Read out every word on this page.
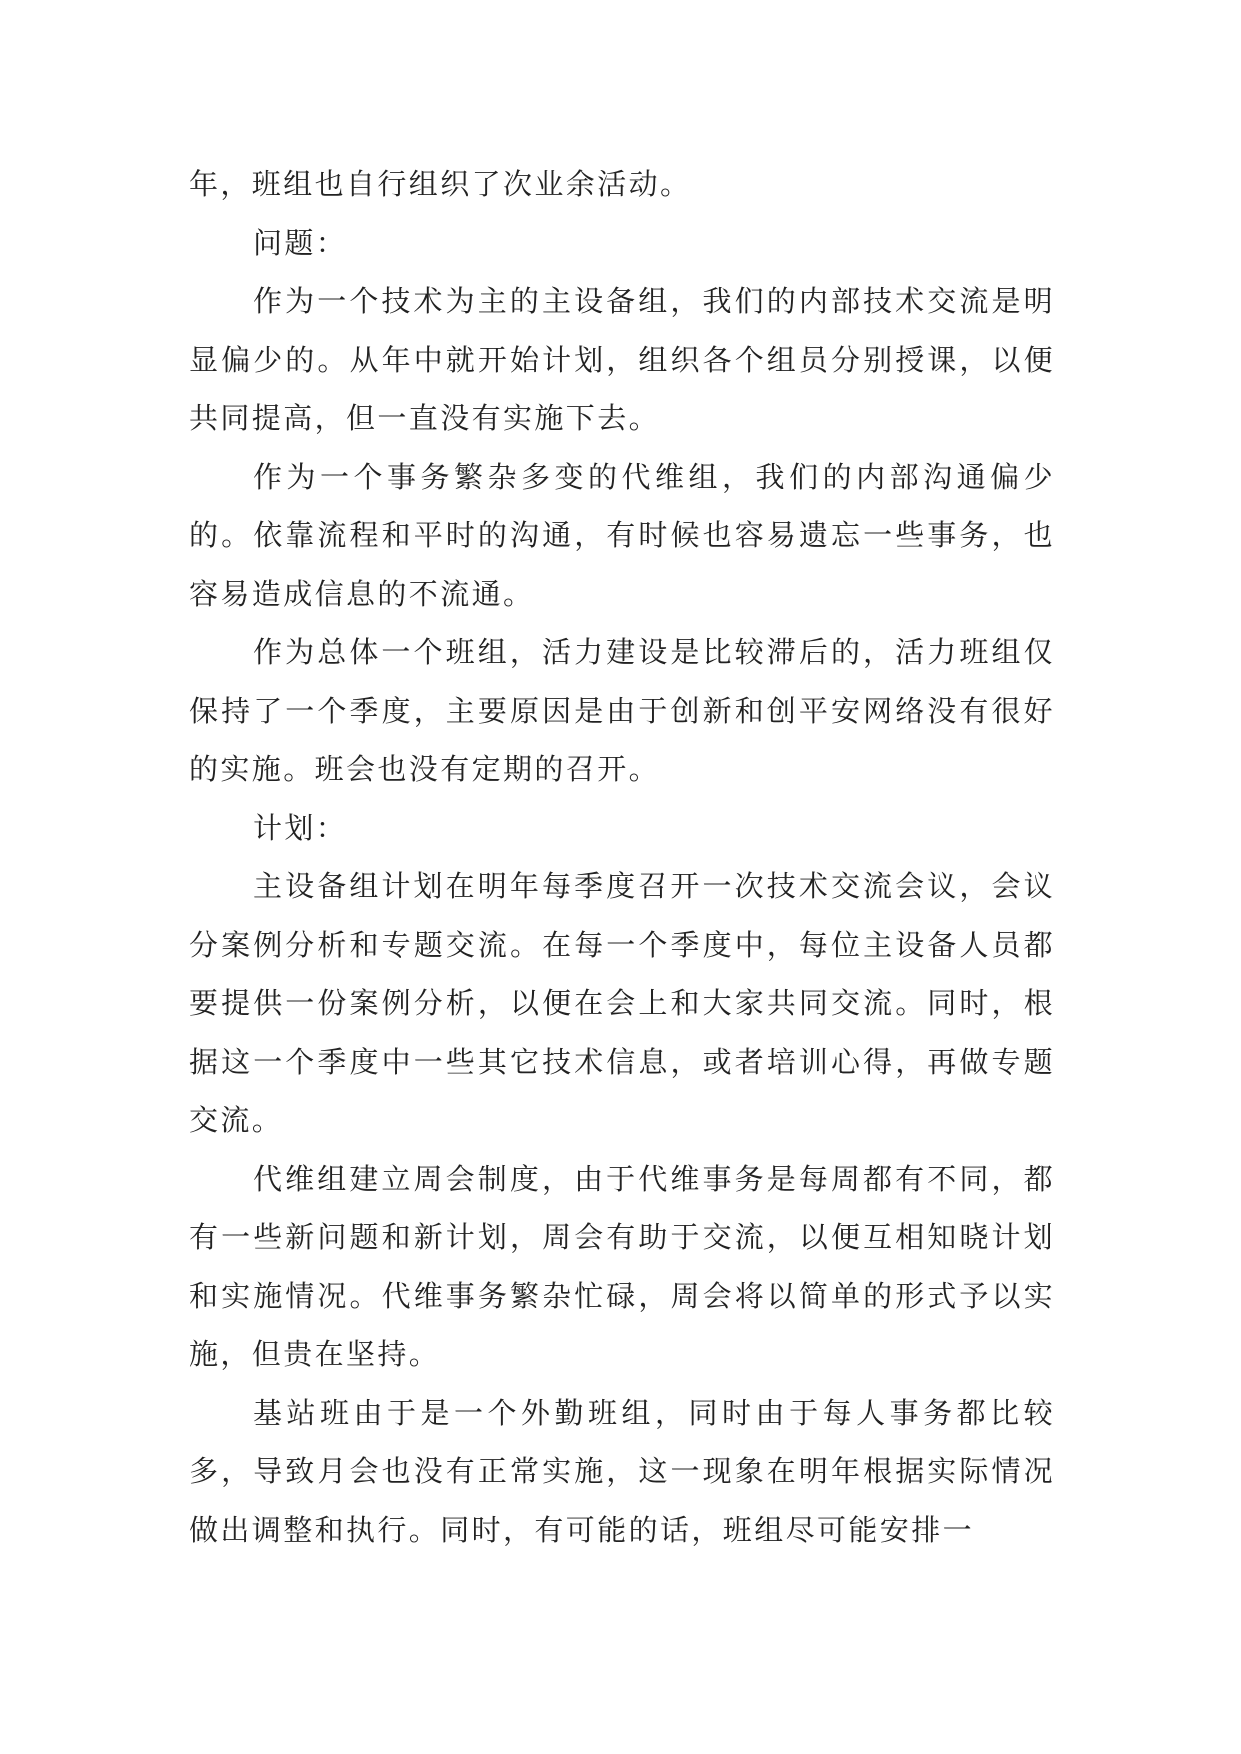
年，班组也自行组织了次业余活动。

问题：

作为一个技术为主的主设备组，我们的内部技术交流是明显偏少的。从年中就开始计划，组织各个组员分别授课，以便共同提高，但一直没有实施下去。

作为一个事务繁杂多变的代维组，我们的内部沟通偏少的。依靠流程和平时的沟通，有时候也容易遗忘一些事务，也容易造成信息的不流通。

作为总体一个班组，活力建设是比较滞后的，活力班组仅保持了一个季度，主要原因是由于创新和创平安网络没有很好的实施。班会也没有定期的召开。

计划：

主设备组计划在明年每季度召开一次技术交流会议，会议分案例分析和专题交流。在每一个季度中，每位主设备人员都要提供一份案例分析，以便在会上和大家共同交流。同时，根据这一个季度中一些其它技术信息，或者培训心得，再做专题交流。

代维组建立周会制度，由于代维事务是每周都有不同，都有一些新问题和新计划，周会有助于交流，以便互相知晓计划和实施情况。代维事务繁杂忙碌，周会将以简单的形式予以实施，但贵在坚持。

基站班由于是一个外勤班组，同时由于每人事务都比较多，导致月会也没有正常实施，这一现象在明年根据实际情况做出调整和执行。同时，有可能的话，班组尽可能安排一
